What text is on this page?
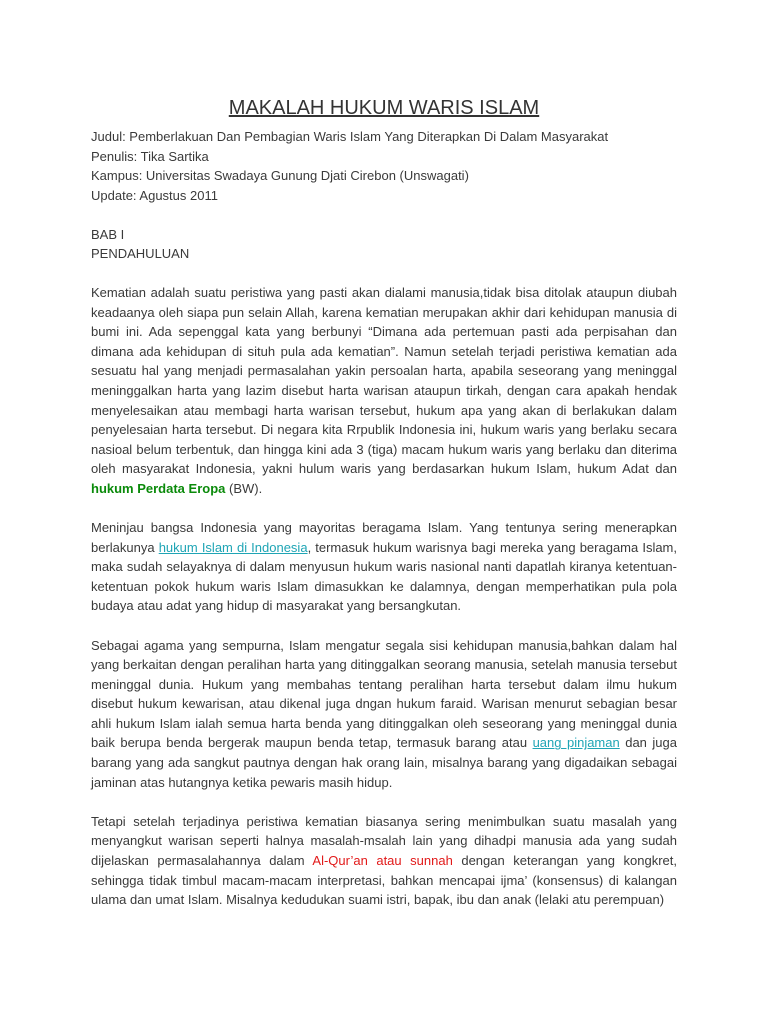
MAKALAH HUKUM WARIS ISLAM

Judul: Pemberlakuan Dan Pembagian Waris Islam Yang Diterapkan Di Dalam Masyarakat

Penulis: Tika Sartika

Kampus: Universitas Swadaya Gunung Djati Cirebon (Unswagati)

Update: Agustus 2011

BAB I

PENDAHULUAN

Kematian adalah suatu peristiwa yang pasti akan dialami manusia,tidak bisa ditolak ataupun diubah keadaanya oleh siapa pun selain Allah, karena kematian merupakan akhir dari kehidupan manusia di bumi ini. Ada sepenggal kata yang berbunyi “Dimana ada pertemuan pasti ada perpisahan dan dimana ada kehidupan di situh pula ada kematian”. Namun setelah terjadi peristiwa kematian ada sesuatu hal yang menjadi permasalahan yakin persoalan harta, apabila seseorang yang meninggal meninggalkan harta yang lazim disebut harta warisan ataupun tirkah, dengan cara apakah hendak menyelesaikan atau membagi harta warisan tersebut, hukum apa yang akan di berlakukan dalam penyelesaian harta tersebut. Di negara kita Rrpublik Indonesia ini, hukum waris yang berlaku secara nasioal belum terbentuk, dan hingga kini ada 3 (tiga) macam hukum waris yang berlaku dan diterima oleh masyarakat Indonesia, yakni hulum waris yang berdasarkan hukum Islam, hukum Adat dan hukum Perdata Eropa (BW).

Meninjau bangsa Indonesia yang mayoritas beragama Islam. Yang tentunya sering menerapkan berlakunya hukum Islam di Indonesia, termasuk hukum warisnya bagi mereka yang beragama Islam, maka sudah selayaknya di dalam menyusun hukum waris nasional nanti dapatlah kiranya ketentuan-ketentuan pokok hukum waris Islam dimasukkan ke dalamnya, dengan memperhatikan pula pola budaya atau adat yang hidup di masyarakat yang bersangkutan.

Sebagai agama yang sempurna, Islam mengatur segala sisi kehidupan manusia,bahkan dalam hal yang berkaitan dengan peralihan harta yang ditinggalkan seorang manusia, setelah manusia tersebut meninggal dunia. Hukum yang membahas tentang peralihan harta tersebut dalam ilmu hukum disebut hukum kewarisan, atau dikenal juga dngan hukum faraid. Warisan menurut sebagian besar ahli hukum Islam ialah semua harta benda yang ditinggalkan oleh seseorang yang meninggal dunia baik berupa benda bergerak maupun benda tetap, termasuk barang atau uang pinjaman dan juga barang yang ada sangkut pautnya dengan hak orang lain, misalnya barang yang digadaikan sebagai jaminan atas hutangnya ketika pewaris masih hidup.

Tetapi setelah terjadinya peristiwa kematian biasanya sering menimbulkan suatu masalah yang menyangkut warisan seperti halnya masalah-msalah lain yang dihadpi manusia ada yang sudah dijelaskan permasalahannya dalam Al-Qur’an atau sunnah dengan keterangan yang kongkret, sehingga tidak timbul macam-macam interpretasi, bahkan mencapai ijma’ (konsensus) di kalangan ulama dan umat Islam. Misalnya kedudukan suami istri, bapak, ibu dan anak (lelaki atu perempuan)
